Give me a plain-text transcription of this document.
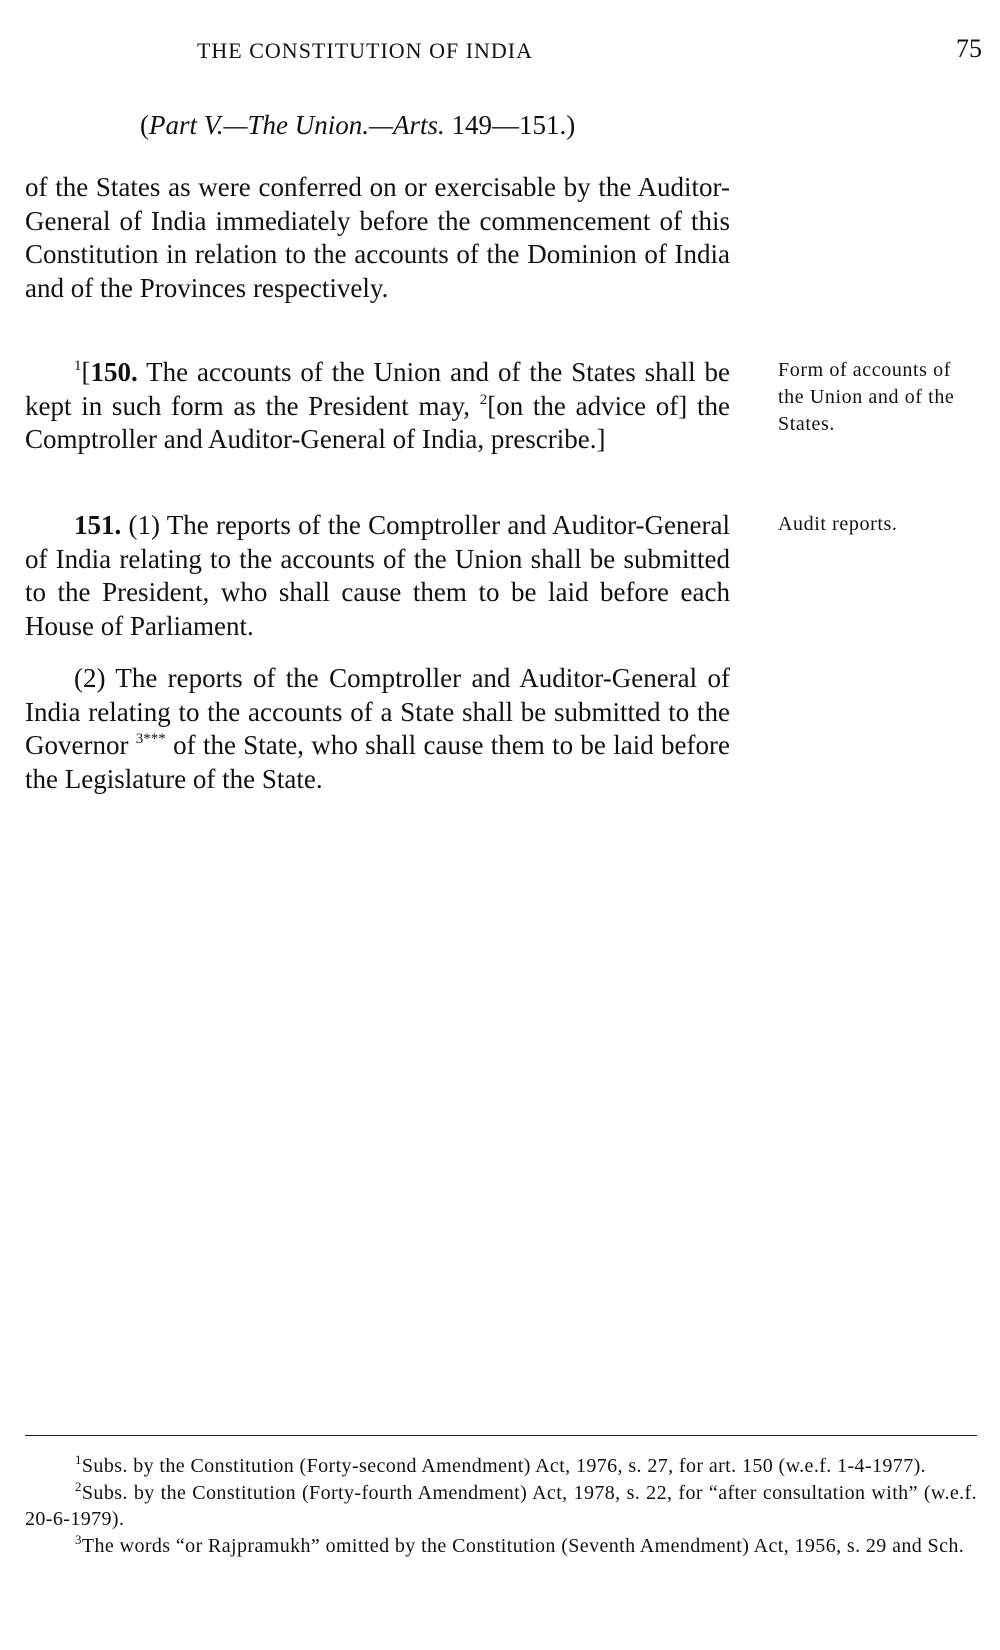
THE CONSTITUTION OF INDIA	75
(Part V.—The Union.—Arts. 149—151.)

of the States as were conferred on or exercisable by the Auditor-General of India immediately before the commencement of this Constitution in relation to the accounts of the Dominion of India and of the Provinces respectively.

$^1$[150. The accounts of the Union and of the States shall be kept in such form as the President may, $^2$[on the advice of] the Comptroller and Auditor-General of India, prescribe.]

151. (1) The reports of the Comptroller and Auditor-General of India relating to the accounts of the Union shall be submitted to the President, who shall cause them to be laid before each House of Parliament.

(2) The reports of the Comptroller and Auditor-General of India relating to the accounts of a State shall be submitted to the Governor $^{3***}$ of the State, who shall cause them to be laid before the Legislature of the State.

Form of accounts of the Union and of the States.
Audit reports.

$^1$Subs. by the Constitution (Forty-second Amendment) Act, 1976, s. 27, for art. 150 (w.e.f. 1-4-1977).

$^2$Subs. by the Constitution (Forty-fourth Amendment) Act, 1978, s. 22, for “after consultation with” (w.e.f. 20-6-1979).

$^3$The words “or Rajpramukh” omitted by the Constitution (Seventh Amendment) Act, 1956, s. 29 and Sch.
